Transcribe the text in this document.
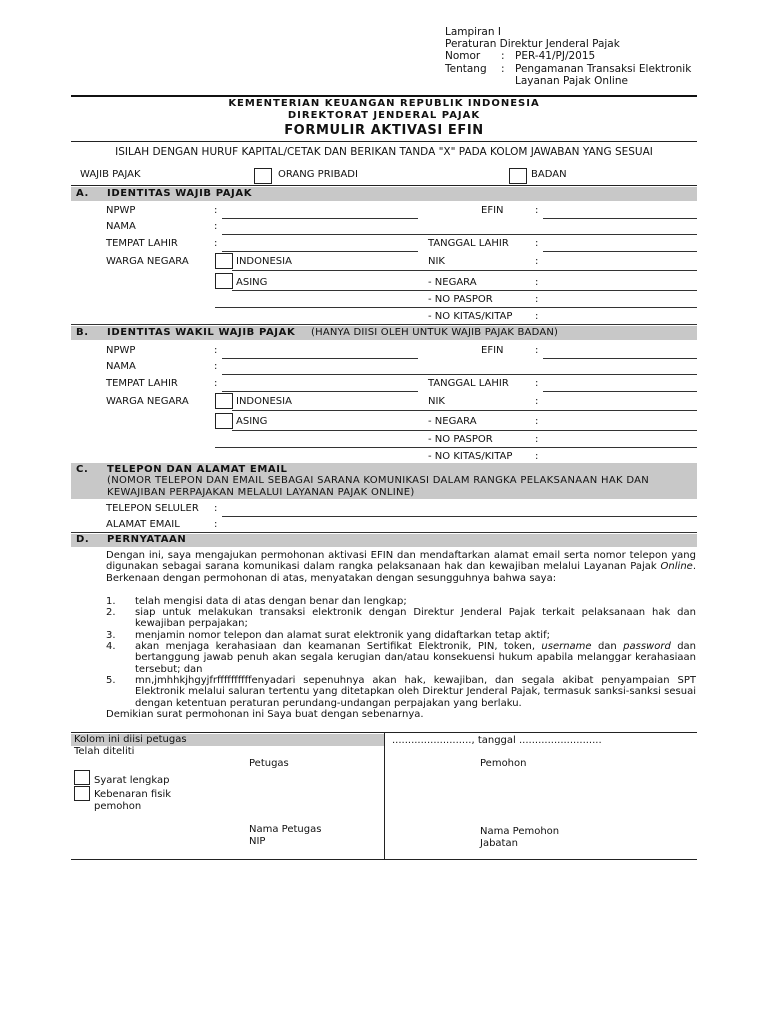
Lampiran I
Peraturan Direktur Jenderal Pajak
Nomor	: PER-41/PJ/2015
Tentang	: Pengamanan Transaksi Elektronik
Layanan Pajak Online
KEMENTERIAN KEUANGAN REPUBLIK INDONESIA
DIREKTORAT JENDERAL PAJAK
FORMULIR AKTIVASI EFIN
ISILAH DENGAN HURUF KAPITAL/CETAK DAN BERIKAN TANDA "X" PADA KOLOM JAWABAN YANG SESUAI
WAJIB PAJAK	ORANG PRIBADI	BADAN
A. IDENTITAS WAJIB PAJAK
NPWP	:	EFIN	:
NAMA	:
TEMPAT LAHIR	:	TANGGAL LAHIR	:
WARGA NEGARA	INDONESIA	NIK	:
ASING	- NEGARA	:
- NO PASPOR	:
- NO KITAS/KITAP :
B. IDENTITAS WAKIL WAJIB PAJAK (HANYA DIISI OLEH UNTUK WAJIB PAJAK BADAN)
NPWP	:	EFIN	:
NAMA	:
TEMPAT LAHIR	:	TANGGAL LAHIR	:
WARGA NEGARA	INDONESIA	NIK	:
ASING	- NEGARA	:
- NO PASPOR	:
- NO KITAS/KITAP :
C. TELEPON DAN ALAMAT EMAIL
(NOMOR TELEPON DAN EMAIL SEBAGAI SARANA KOMUNIKASI DALAM RANGKA PELAKSANAAN HAK DAN
KEWAJIBAN PERPAJAKAN MELALUI LAYANAN PAJAK ONLINE)
TELEPON SELULER :
ALAMAT EMAIL	:
D. PERNYATAAN
Dengan ini, saya mengajukan permohonan aktivasi EFIN dan mendaftarkan alamat email serta nomor telepon yang digunakan sebagai sarana komunikasi dalam rangka pelaksanaan hak dan kewajiban melalui Layanan Pajak Online. Berkenaan dengan permohonan di atas, menyatakan dengan sesungguhnya bahwa saya:
1. telah mengisi data di atas dengan benar dan lengkap;
2. siap untuk melakukan transaksi elektronik dengan Direktur Jenderal Pajak terkait pelaksanaan hak dan kewajiban perpajakan;
3. menjamin nomor telepon dan alamat surat elektronik yang didaftarkan tetap aktif;
4. akan menjaga kerahasiaan dan keamanan Sertifikat Elektronik, PIN, token, username dan password dan bertanggung jawab penuh akan segala kerugian dan/atau konsekuensi hukum apabila melanggar kerahasiaan tersebut; dan
5. mn,jmhhkjhgyjfrffffffffffenyadari sepenuhnya akan hak, kewajiban, dan segala akibat penyampaian SPT Elektronik melalui saluran tertentu yang ditetapkan oleh Direktur Jenderal Pajak, termasuk sanksi-sanksi sesuai dengan ketentuan peraturan perundang-undangan perpajakan yang berlaku.
Demikian surat permohonan ini Saya buat dengan sebenarnya.
Kolom ini diisi petugas
Telah diteliti
Petugas
Syarat lengkap
Kebenaran fisik
pemohon
Nama Petugas
NIP
........................., tanggal ..........................
Pemohon
Nama Pemohon
Jabatan
